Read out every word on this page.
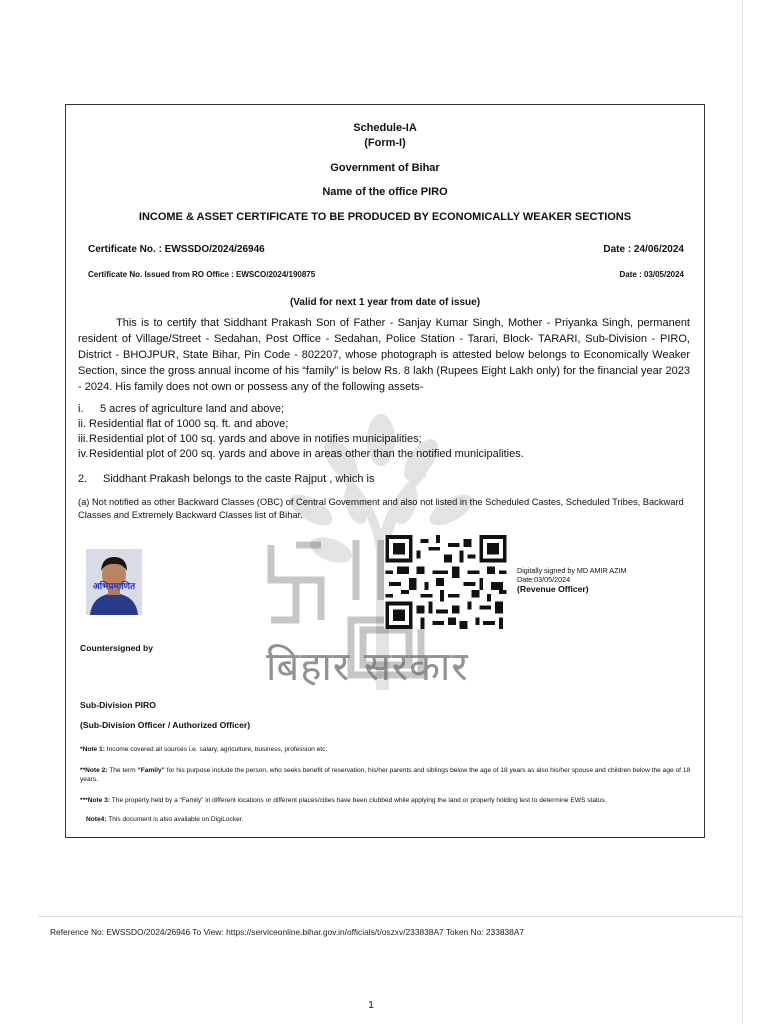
बिहार सरकार
Schedule-IA
(Form-I)
Government of Bihar
Name of the office PIRO
INCOME & ASSET CERTIFICATE TO BE PRODUCED BY ECONOMICALLY WEAKER SECTIONS
Certificate No. : EWSSDO/2024/26946	Date : 24/06/2024
Certificate No. Issued from RO Office : EWSCO/2024/190875	Date : 03/05/2024
(Valid for next 1 year from date of issue)
This is to certify that Siddhant Prakash Son of Father - Sanjay Kumar Singh, Mother - Priyanka Singh, permanent resident of Village/Street - Sedahan, Post Office - Sedahan, Police Station - Tarari, Block- TARARI, Sub-Division - PIRO, District - BHOJPUR, State Bihar, Pin Code - 802207, whose photograph is attested below belongs to Economically Weaker Section, since the gross annual income of his “family” is below Rs. 8 lakh (Rupees Eight Lakh only) for the financial year 2023 - 2024. His family does not own or possess any of the following assets-
i. 5 acres of agriculture land and above;
ii. Residential flat of 1000 sq. ft. and above;
iii.Residential plot of 100 sq. yards and above in notifies municipalities;
iv.Residential plot of 200 sq. yards and above in areas other than the notified municipalities.
2. Siddhant Prakash belongs to the caste Rajput , which is
(a) Not notified as other Backward Classes (OBC) of Central Government and also not listed in the Scheduled Castes, Scheduled Tribes, Backward Classes and Extremely Backward Classes list of Bihar.
अभिप्रमाणित
Digitally signed by MD AMIR AZIM
Date:03/05/2024
(Revenue Officer)
Countersigned by
Sub-Division PIRO
(Sub-Division Officer / Authorized Officer)
*Note 1: Income covered all sources i.e. salary, agriculture, business, profession etc.
**Note 2: The term “Family” for his purpose include the person, who seeks benefit of reservation, his/her parents and siblings below the age of 18 years as also his/her spouse and children below the age of 18 years.
***Note 3: The property held by a “Family” in different locations or different places/cities have been clubbed while applying the land or property holding test to determine EWS status.
Note4: This document is also available on DigiLocker.
Reference No: EWSSDO/2024/26946 To View: https://serviceonline.bihar.gov.in/officials/t/oszxv/233838A7 Token No: 233838A7
1
